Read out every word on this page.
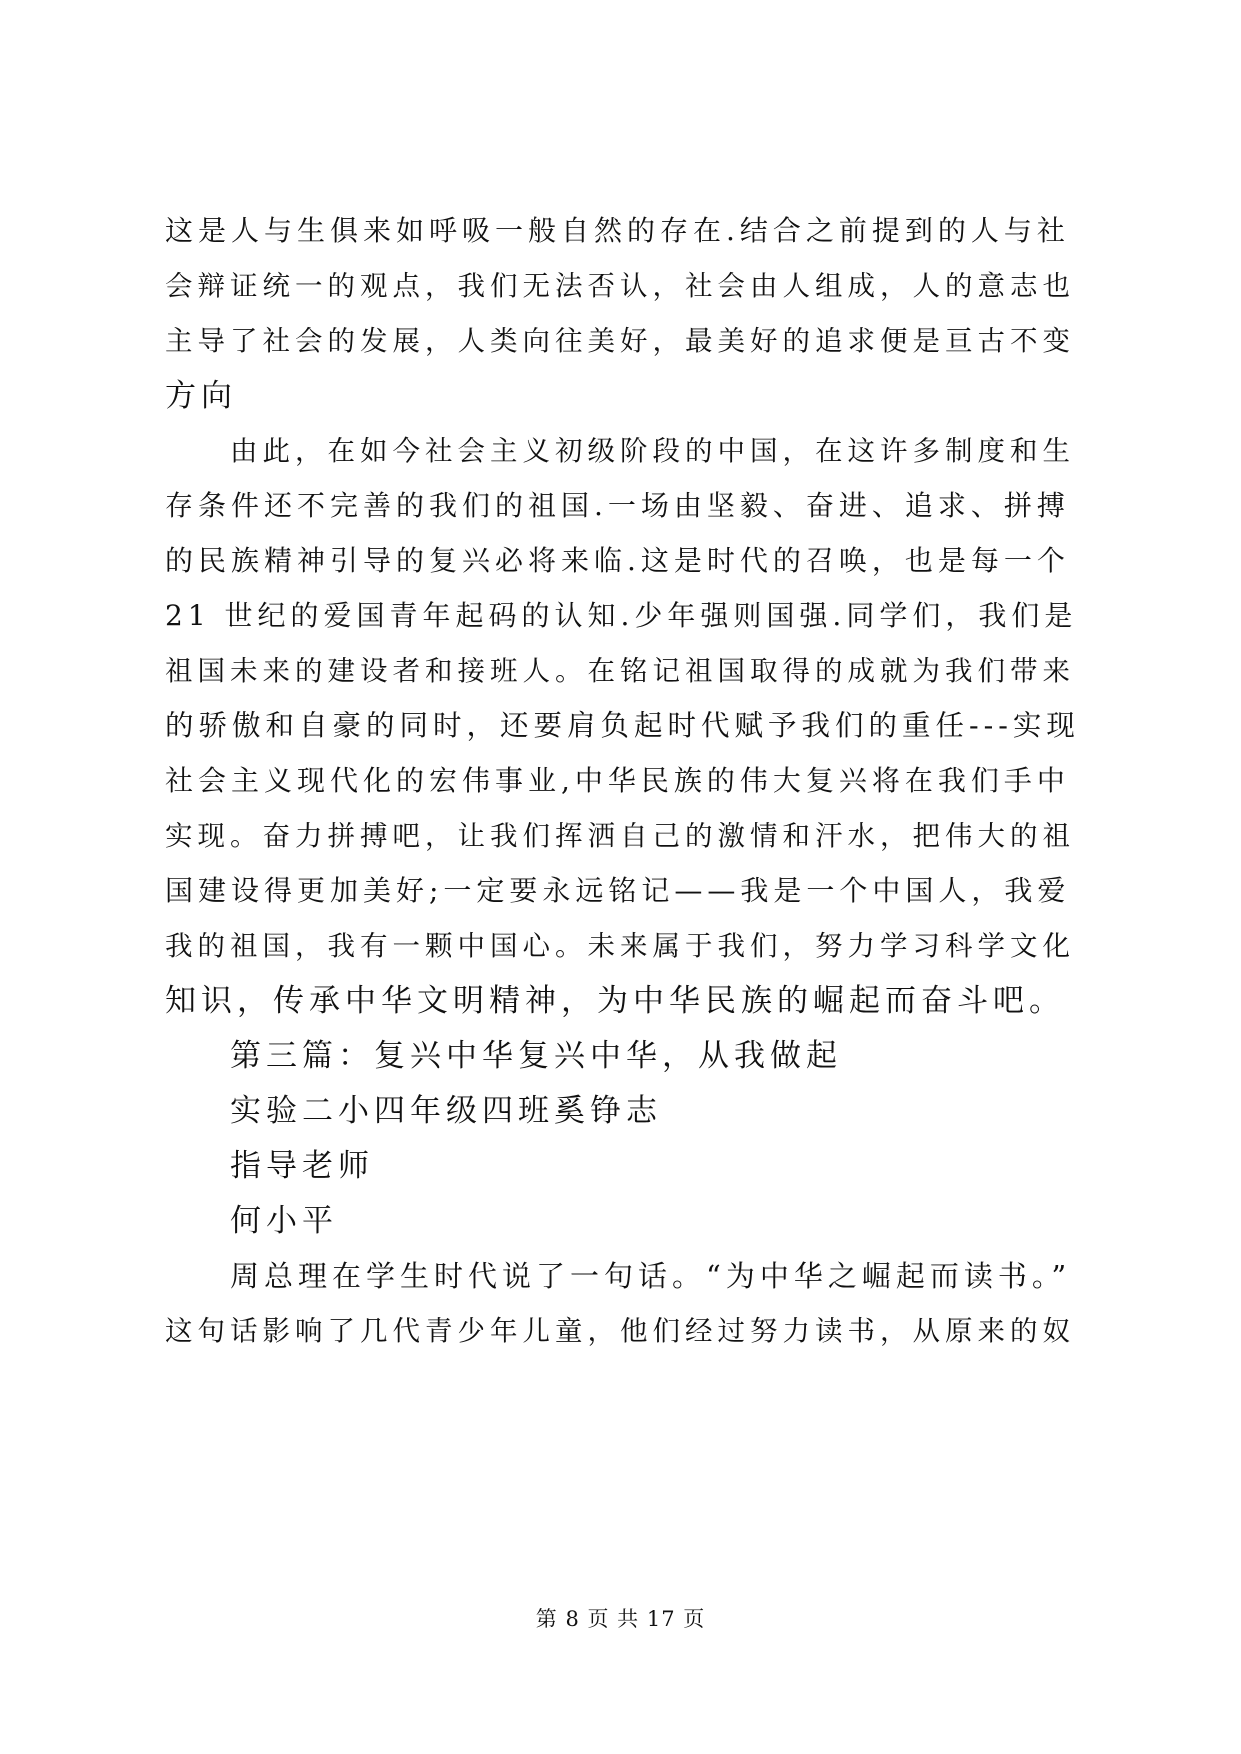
这是人与生俱来如呼吸一般自然的存在.结合之前提到的人与社
会辩证统一的观点，我们无法否认，社会由人组成，人的意志也
主导了社会的发展，人类向往美好，最美好的追求便是亘古不变
方向
由此，在如今社会主义初级阶段的中国，在这许多制度和生
存条件还不完善的我们的祖国.一场由坚毅、奋进、追求、拼搏
的民族精神引导的复兴必将来临.这是时代的召唤，也是每一个
21 世纪的爱国青年起码的认知.少年强则国强.同学们，我们是
祖国未来的建设者和接班人。在铭记祖国取得的成就为我们带来
的骄傲和自豪的同时，还要肩负起时代赋予我们的重任---实现
社会主义现代化的宏伟事业,中华民族的伟大复兴将在我们手中
实现。奋力拼搏吧，让我们挥洒自己的激情和汗水，把伟大的祖
国建设得更加美好;一定要永远铭记——我是一个中国人，我爱
我的祖国，我有一颗中国心。未来属于我们，努力学习科学文化
知识，传承中华文明精神，为中华民族的崛起而奋斗吧。
第三篇：复兴中华复兴中华，从我做起
实验二小四年级四班奚铮志
指导老师
何小平
周总理在学生时代说了一句话。“为中华之崛起而读书。”
这句话影响了几代青少年儿童，他们经过努力读书，从原来的奴
第 8 页 共 17 页
